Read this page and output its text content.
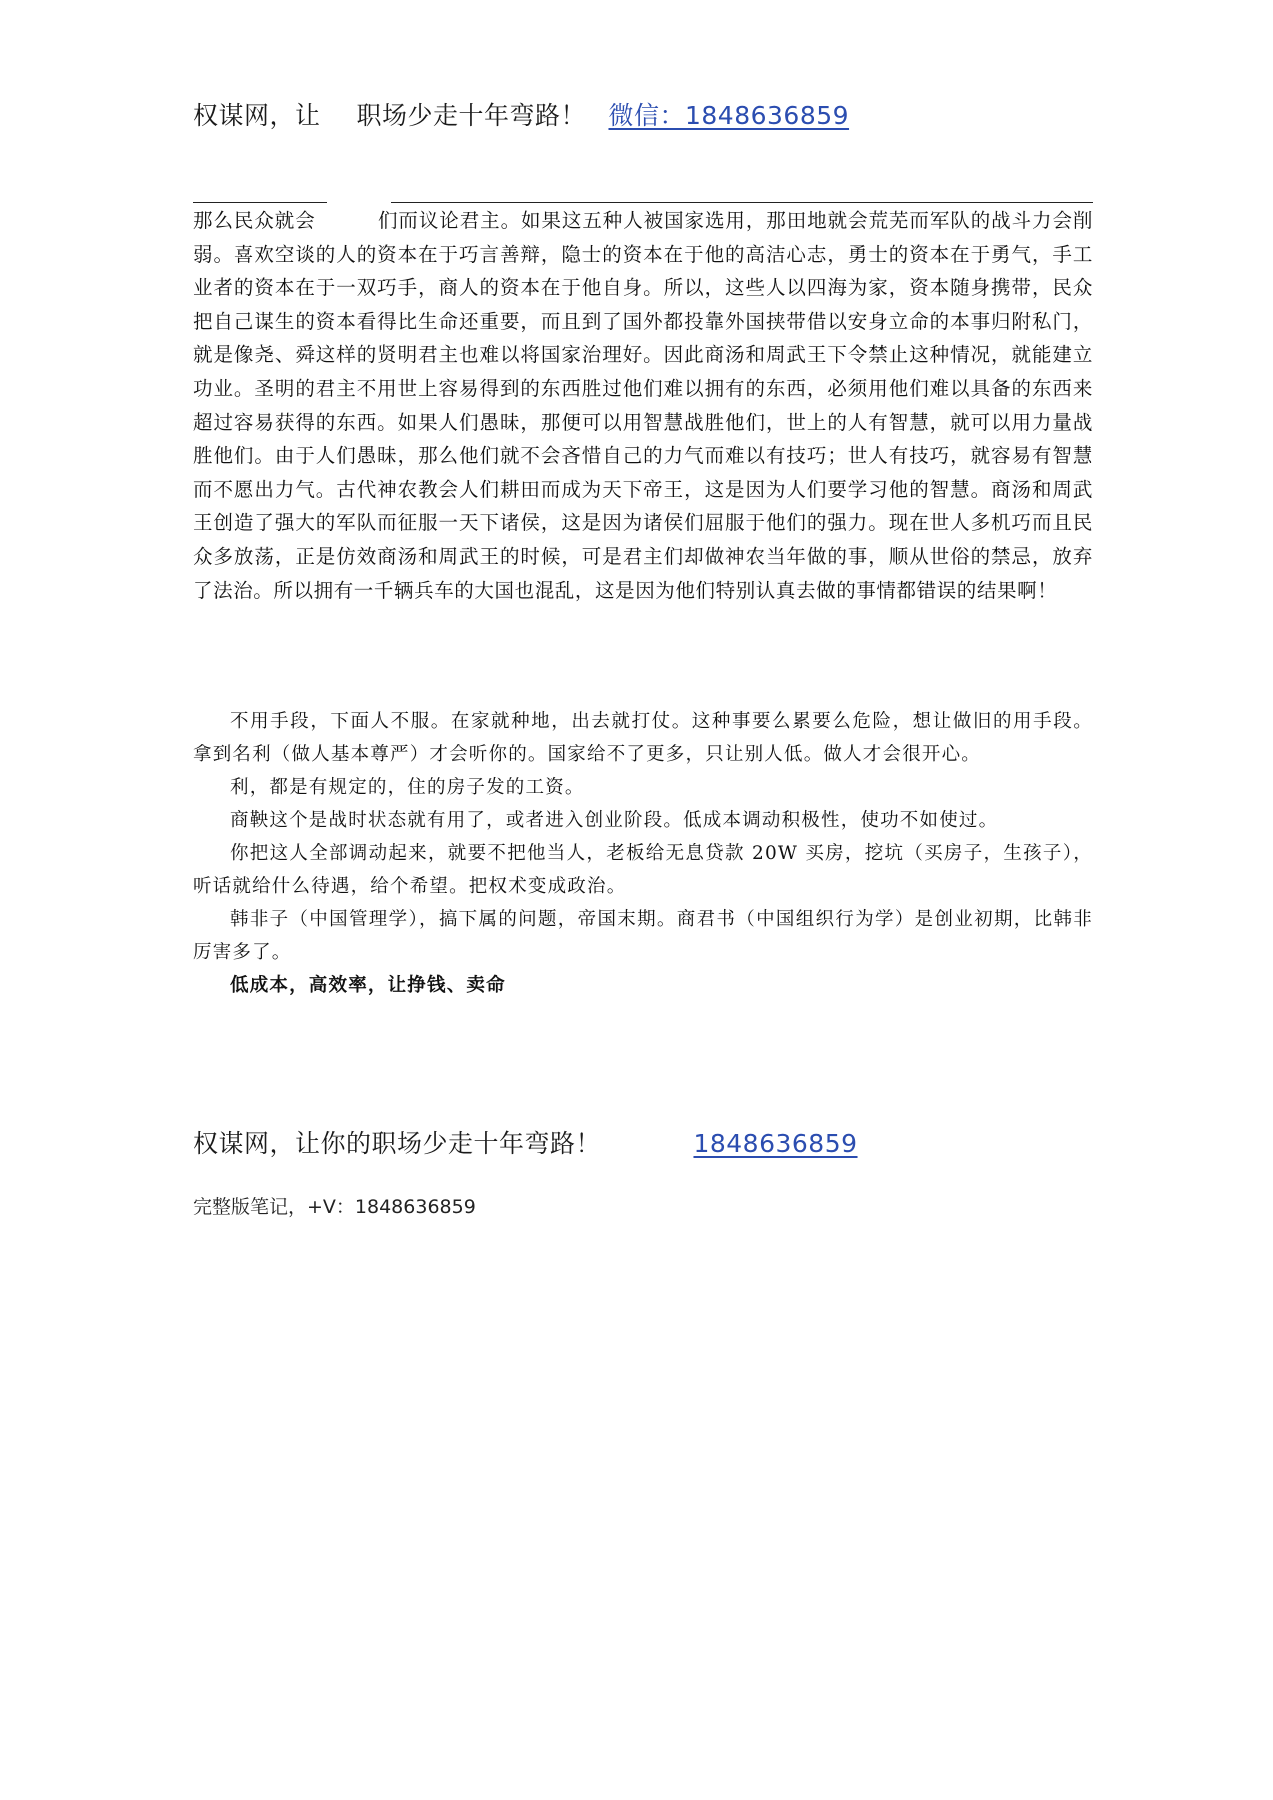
权谋网，让 职场少走十年弯路！ 微信：1848636859

那么民众就会	们而议论君主。如果这五种人被国家选用，那田地就会荒芜而军队的战斗力会削弱。喜欢空谈的人的资本在于巧言善辩，隐士的资本在于他的高洁心志，勇士的资本在于勇气，手工业者的资本在于一双巧手，商人的资本在于他自身。所以，这些人以四海为家，资本随身携带，民众把自己谋生的资本看得比生命还重要，而且到了国外都投靠外国挟带借以安身立命的本事归附私门，就是像尧、舜这样的贤明君主也难以将国家治理好。因此商汤和周武王下令禁止这种情况，就能建立功业。圣明的君主不用世上容易得到的东西胜过他们难以拥有的东西，必须用他们难以具备的东西来超过容易获得的东西。如果人们愚昧，那便可以用智慧战胜他们，世上的人有智慧，就可以用力量战胜他们。由于人们愚昧，那么他们就不会吝惜自己的力气而难以有技巧；世人有技巧，就容易有智慧而不愿出力气。古代神农教会人们耕田而成为天下帝王，这是因为人们要学习他的智慧。商汤和周武王创造了强大的军队而征服一天下诸侯，这是因为诸侯们屈服于他们的强力。现在世人多机巧而且民众多放荡，正是仿效商汤和周武王的时候，可是君主们却做神农当年做的事，顺从世俗的禁忌，放弃了法治。所以拥有一千辆兵车的大国也混乱，这是因为他们特别认真去做的事情都错误的结果啊！

不用手段，下面人不服。在家就种地，出去就打仗。这种事要么累要么危险，想让做旧的用手段。拿到名利（做人基本尊严）才会听你的。国家给不了更多，只让别人低。做人才会很开心。

利，都是有规定的，住的房子发的工资。

商鞅这个是战时状态就有用了，或者进入创业阶段。低成本调动积极性，使功不如使过。

你把这人全部调动起来，就要不把他当人，老板给无息贷款 20W 买房，挖坑（买房子，生孩子），听话就给什么待遇，给个希望。把权术变成政治。

韩非子（中国管理学），搞下属的问题，帝国末期。商君书（中国组织行为学）是创业初期，比韩非厉害多了。

低成本，高效率，让挣钱、卖命

权谋网，让你的职场少走十年弯路！	1848636859
完整版笔记，+V：1848636859
